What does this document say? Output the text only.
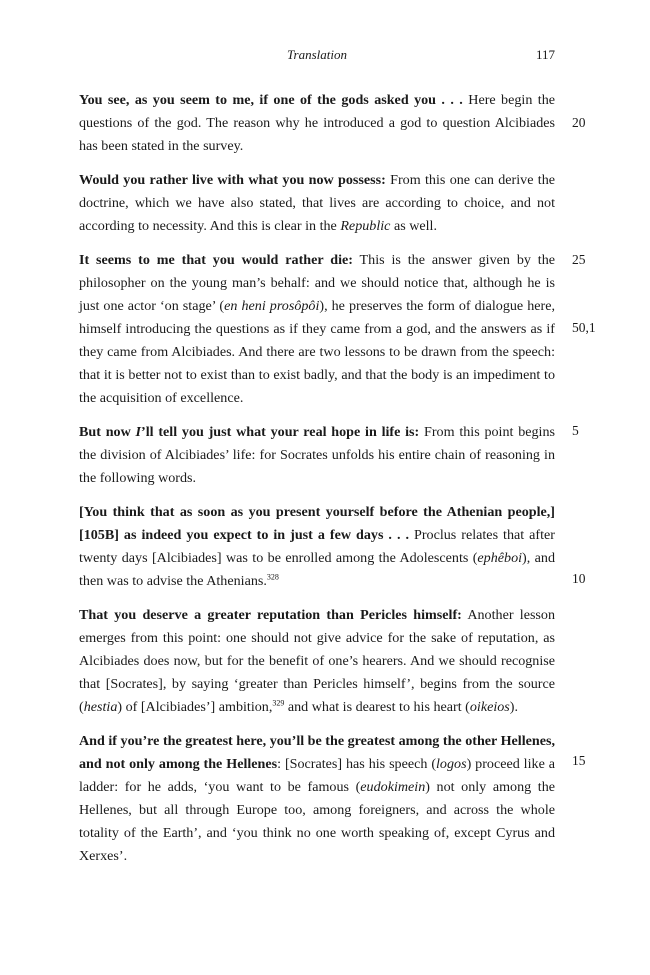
Translation	117

You see, as you seem to me, if one of the gods asked you . . . Here begin the questions of the god. The reason why he introduced a god to question Alcibiades has been stated in the survey.

Would you rather live with what you now possess: From this one can derive the doctrine, which we have also stated, that lives are according to choice, and not according to necessity. And this is clear in the Republic as well.

It seems to me that you would rather die: This is the answer given by the philosopher on the young man’s behalf: and we should notice that, although he is just one actor ‘on stage’ (en heni prosôpôi), he preserves the form of dialogue here, himself introducing the questions as if they came from a god, and the answers as if they came from Alcibiades. And there are two lessons to be drawn from the speech: that it is better not to exist than to exist badly, and that the body is an impediment to the acquisition of excellence.

But now I’ll tell you just what your real hope in life is: From this point begins the division of Alcibiades’ life: for Socrates unfolds his entire chain of reasoning in the following words.

[You think that as soon as you present yourself before the Athenian people,] [105B] as indeed you expect to in just a few days . . . Proclus relates that after twenty days [Alcibiades] was to be enrolled among the Adolescents (ephêboi), and then was to advise the Athenians.$^{328}$

That you deserve a greater reputation than Pericles himself: Another lesson emerges from this point: one should not give advice for the sake of reputation, as Alcibiades does now, but for the benefit of one’s hearers. And we should recognise that [Socrates], by saying ‘greater than Pericles himself’, begins from the source (hestia) of [Alcibiades’] ambition,$^{329}$ and what is dearest to his heart (oikeios).

And if you’re the greatest here, you’ll be the greatest among the other Hellenes, and not only among the Hellenes: [Socrates] has his speech (logos) proceed like a ladder: for he adds, ‘you want to be famous (eudokimein) not only among the Hellenes, but all through Europe too, among foreigners, and across the whole totality of the Earth’, and ‘you think no one worth speaking of, except Cyrus and Xerxes’.

20
25
50,1
5
10
15
